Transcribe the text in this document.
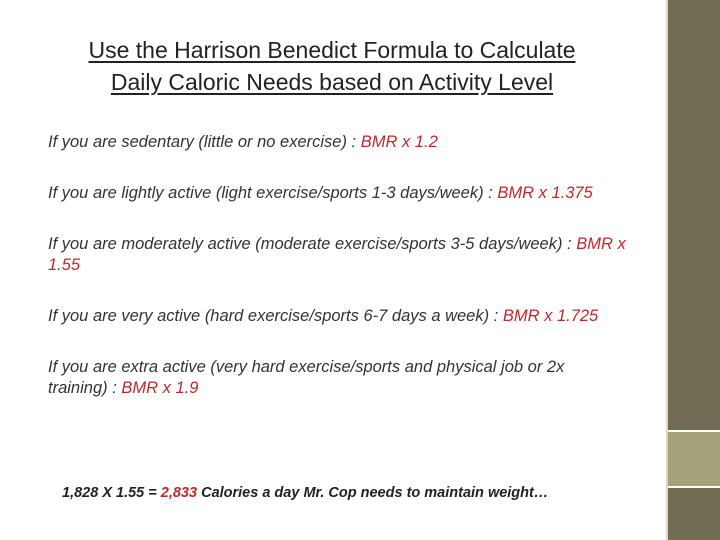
Use the Harrison Benedict Formula to Calculate
Daily Caloric Needs based on Activity Level
If you are sedentary (little or no exercise) : BMR x 1.2
If you are lightly active (light exercise/sports 1-3 days/week) : BMR x 1.375
If you are moderately active (moderate exercise/sports 3-5 days/week) : BMR x 1.55
If you are very active (hard exercise/sports 6-7 days a week) : BMR x 1.725
If you are extra active (very hard exercise/sports and physical job or 2x training) : BMR x 1.9
1,828 X 1.55 = 2,833 Calories a day Mr. Cop needs to maintain weight…
